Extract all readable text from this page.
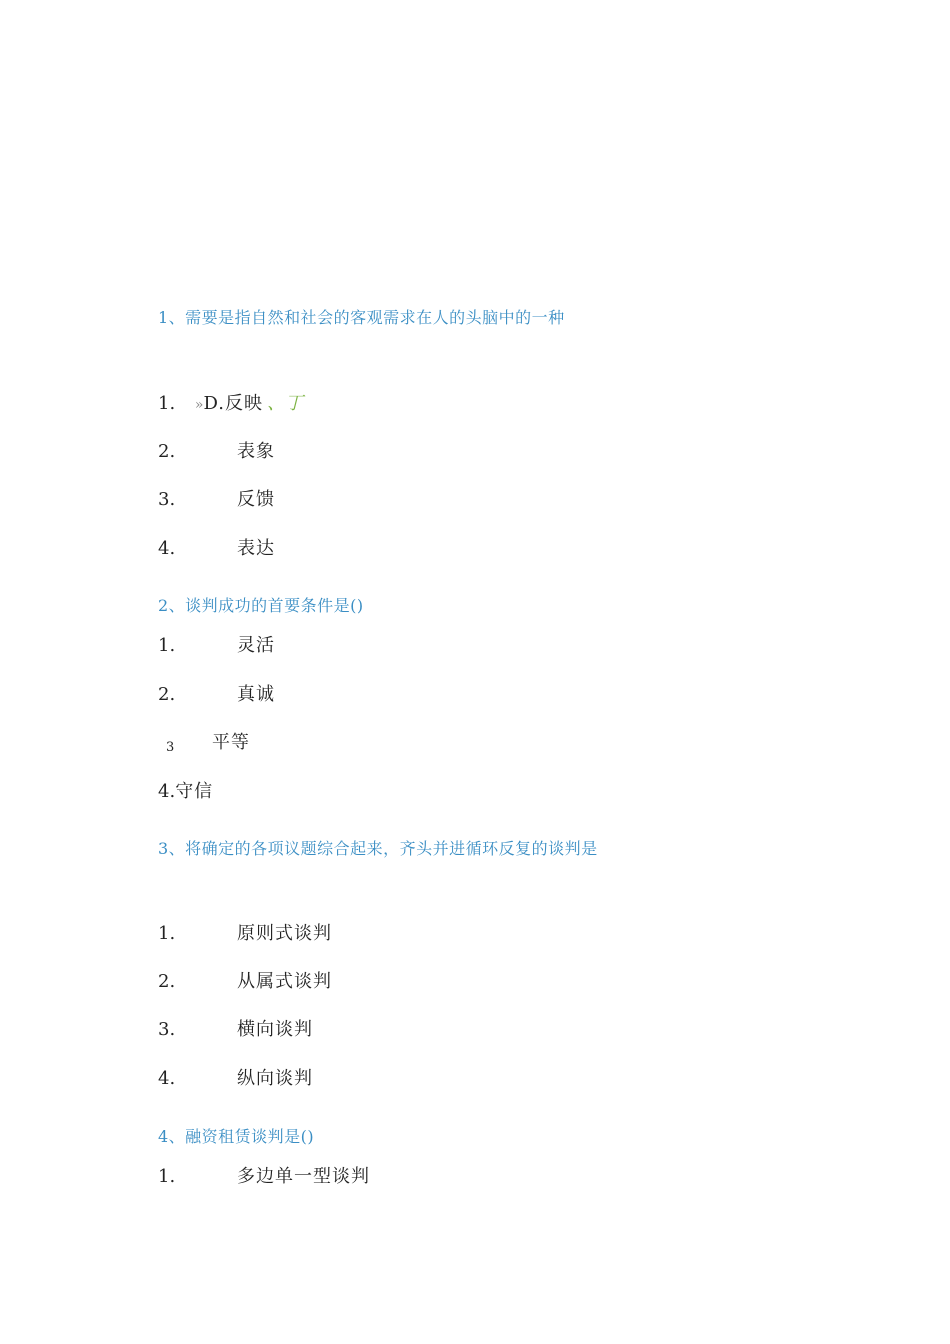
1、需要是指自然和社会的客观需求在人的头脑中的一种
1. »D.反映 、丁
2.	表象
3.	反馈
4.	表达
2、谈判成功的首要条件是()
1.	灵活
2.	真诚
3 平等
4.守信
3、将确定的各项议题综合起来，齐头并进循环反复的谈判是
1.	原则式谈判
2.	从属式谈判
3.	横向谈判
4.	纵向谈判
4、融资租赁谈判是()
1.	多边单一型谈判
